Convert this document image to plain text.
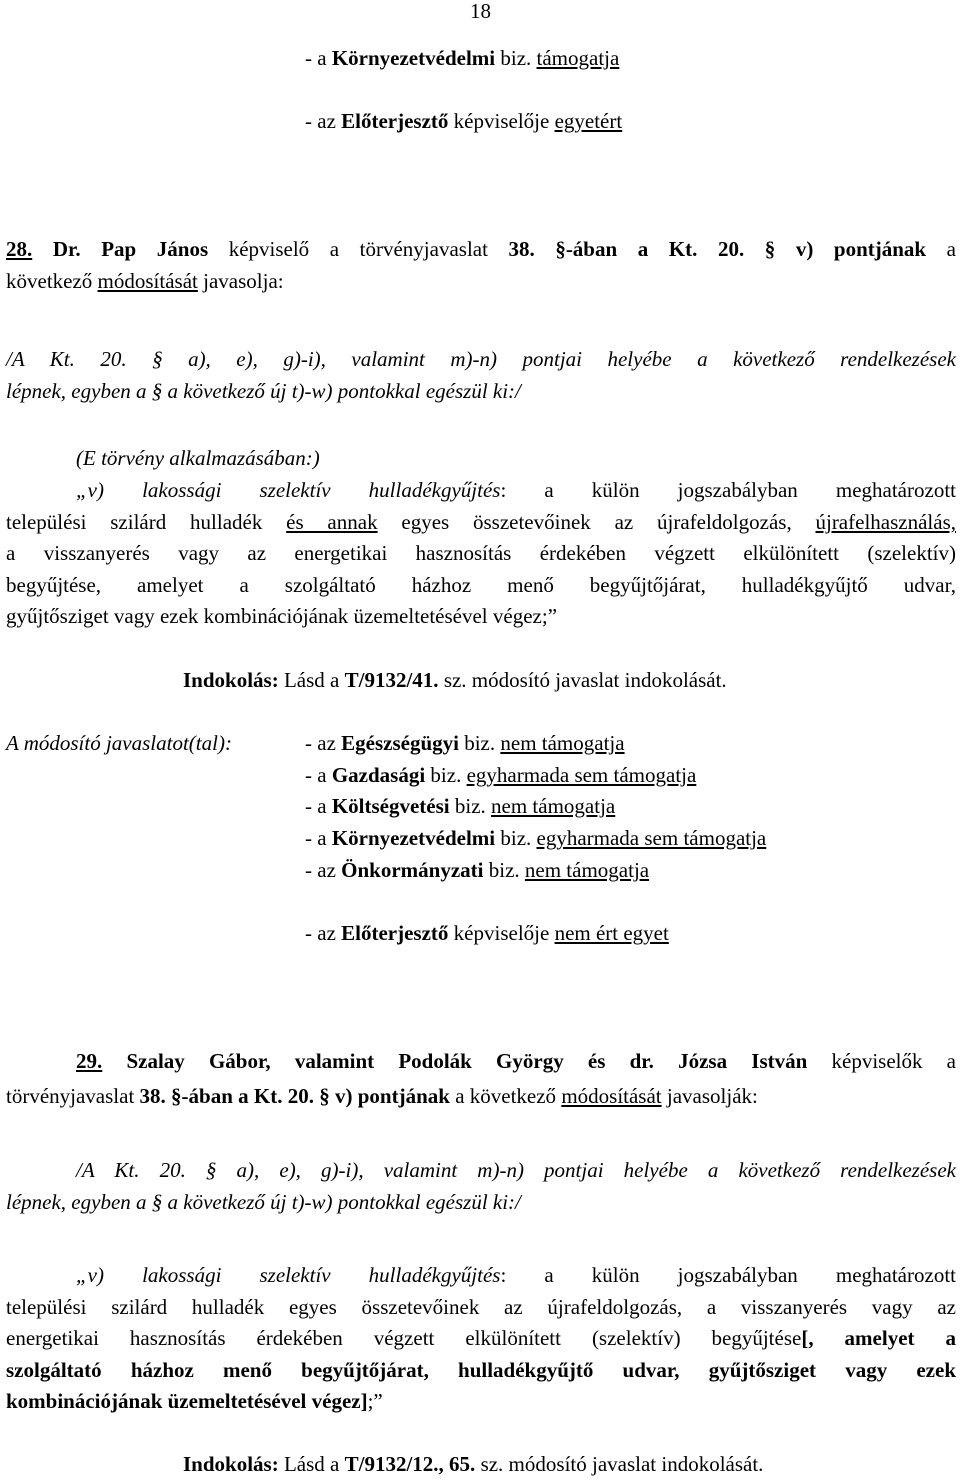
18
- a Környezetvédelmi biz. támogatja
- az Előterjesztő képviselője egyetért
28. Dr. Pap János képviselő a törvényjavaslat 38. §-ában a Kt. 20. § v) pontjának a
következő módosítását javasolja:
/A Kt. 20. § a), e), g)-i), valamint m)-n) pontjai helyébe a következő rendelkezések
lépnek, egyben a § a következő új t)-w) pontokkal egészül ki:/
(E törvény alkalmazásában:)
„v) lakossági szelektív hulladékgyűjtés: a külön jogszabályban meghatározott
települési szilárd hulladék és annak egyes összetevőinek az újrafeldolgozás, újrafelhasználás,
a visszanyerés vagy az energetikai hasznosítás érdekében végzett elkülönített (szelektív)
begyűjtése, amelyet a szolgáltató házhoz menő begyűjtőjárat, hulladékgyűjtő udvar,
gyűjtősziget vagy ezek kombinációjának üzemeltetésével végez;”
Indokolás: Lásd a T/9132/41. sz. módosító javaslat indokolását.
A módosító javaslatot(tal):	- az Egészségügyi biz. nem támogatja
- a Gazdasági biz. egyharmada sem támogatja
- a Költségvetési biz. nem támogatja
- a Környezetvédelmi biz. egyharmada sem támogatja
- az Önkormányzati biz. nem támogatja
- az Előterjesztő képviselője nem ért egyet
29. Szalay Gábor, valamint Podolák György és dr. Józsa István képviselők a
törvényjavaslat 38. §-ában a Kt. 20. § v) pontjának a következő módosítását javasolják:
/A Kt. 20. § a), e), g)-i), valamint m)-n) pontjai helyébe a következő rendelkezések
lépnek, egyben a § a következő új t)-w) pontokkal egészül ki:/
„v) lakossági szelektív hulladékgyűjtés: a külön jogszabályban meghatározott
települési szilárd hulladék egyes összetevőinek az újrafeldolgozás, a visszanyerés vagy az
energetikai hasznosítás érdekében végzett elkülönített (szelektív) begyűjtése[, amelyet a
szolgáltató házhoz menő begyűjtőjárat, hulladékgyűjtő udvar, gyűjtősziget vagy ezek
kombinációjának üzemeltetésével végez];”
Indokolás: Lásd a T/9132/12., 65. sz. módosító javaslat indokolását.
